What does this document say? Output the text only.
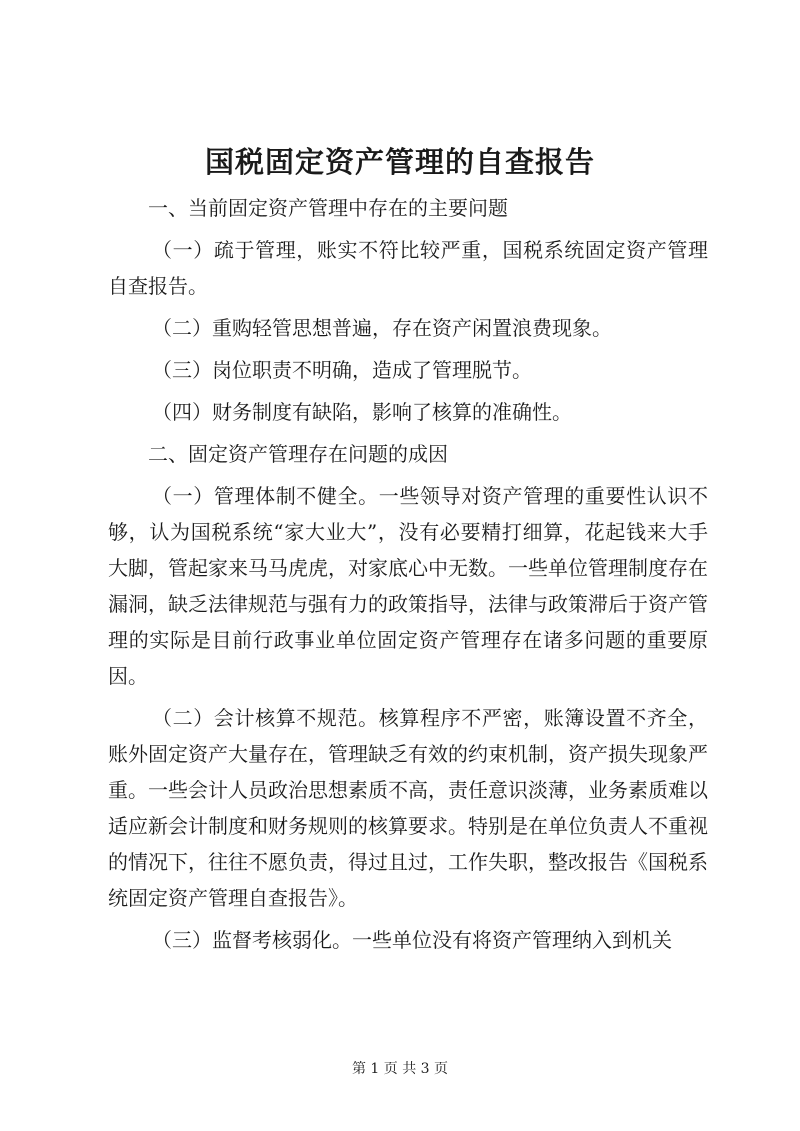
国税固定资产管理的自查报告

一、当前固定资产管理中存在的主要问题

（一）疏于管理，账实不符比较严重，国税系统固定资产管理自查报告。

（二）重购轻管思想普遍，存在资产闲置浪费现象。

（三）岗位职责不明确，造成了管理脱节。

（四）财务制度有缺陷，影响了核算的准确性。

二、固定资产管理存在问题的成因

（一）管理体制不健全。一些领导对资产管理的重要性认识不够，认为国税系统“家大业大”，没有必要精打细算，花起钱来大手大脚，管起家来马马虎虎，对家底心中无数。一些单位管理制度存在漏洞，缺乏法律规范与强有力的政策指导，法律与政策滞后于资产管理的实际是目前行政事业单位固定资产管理存在诸多问题的重要原因。

（二）会计核算不规范。核算程序不严密，账簿设置不齐全，账外固定资产大量存在，管理缺乏有效的约束机制，资产损失现象严重。一些会计人员政治思想素质不高，责任意识淡薄，业务素质难以适应新会计制度和财务规则的核算要求。特别是在单位负责人不重视的情况下，往往不愿负责，得过且过，工作失职，整改报告《国税系统固定资产管理自查报告》。

（三）监督考核弱化。一些单位没有将资产管理纳入到机关

第 1 页 共 3 页
